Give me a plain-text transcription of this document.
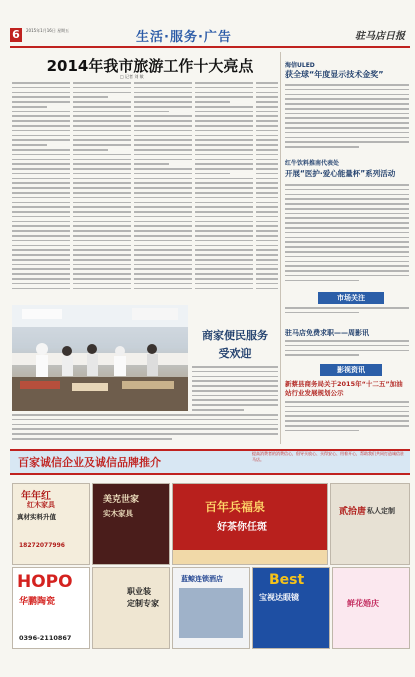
6	2015年1月16日 星期五	生活·服务·广告	驻马店日报
2014年我市旅游工作十大亮点
□ 记者 刘 敏
商家便民服务
受欢迎
海信ULED
获全球“年度显示技术金奖”
红牛饮料推南代表处
开展“医护·爱心能量杯”系列活动
市场关注
驻马店免费求职——周影讯
影视资讯
新蔡县商务局关于2015年“十二五”加油站行业发展规划公示
百家诚信企业及诚信品牌推介
提高消费者的消费信心，倡导买放心、买得安心、用着开心，帮助我们共同打造诚信驻马店。
年年红
红木家具
真材实料升值
18272077996
美克世家
实木家具	百年兵福泉
好茶你任斑
贰拾唐 私人定制
HOPO
华鹏陶瓷
0396-2110867
职业装
定制专家
蓝鲸连锁酒店	Best
宝视达眼镜
鲜花婚庆
